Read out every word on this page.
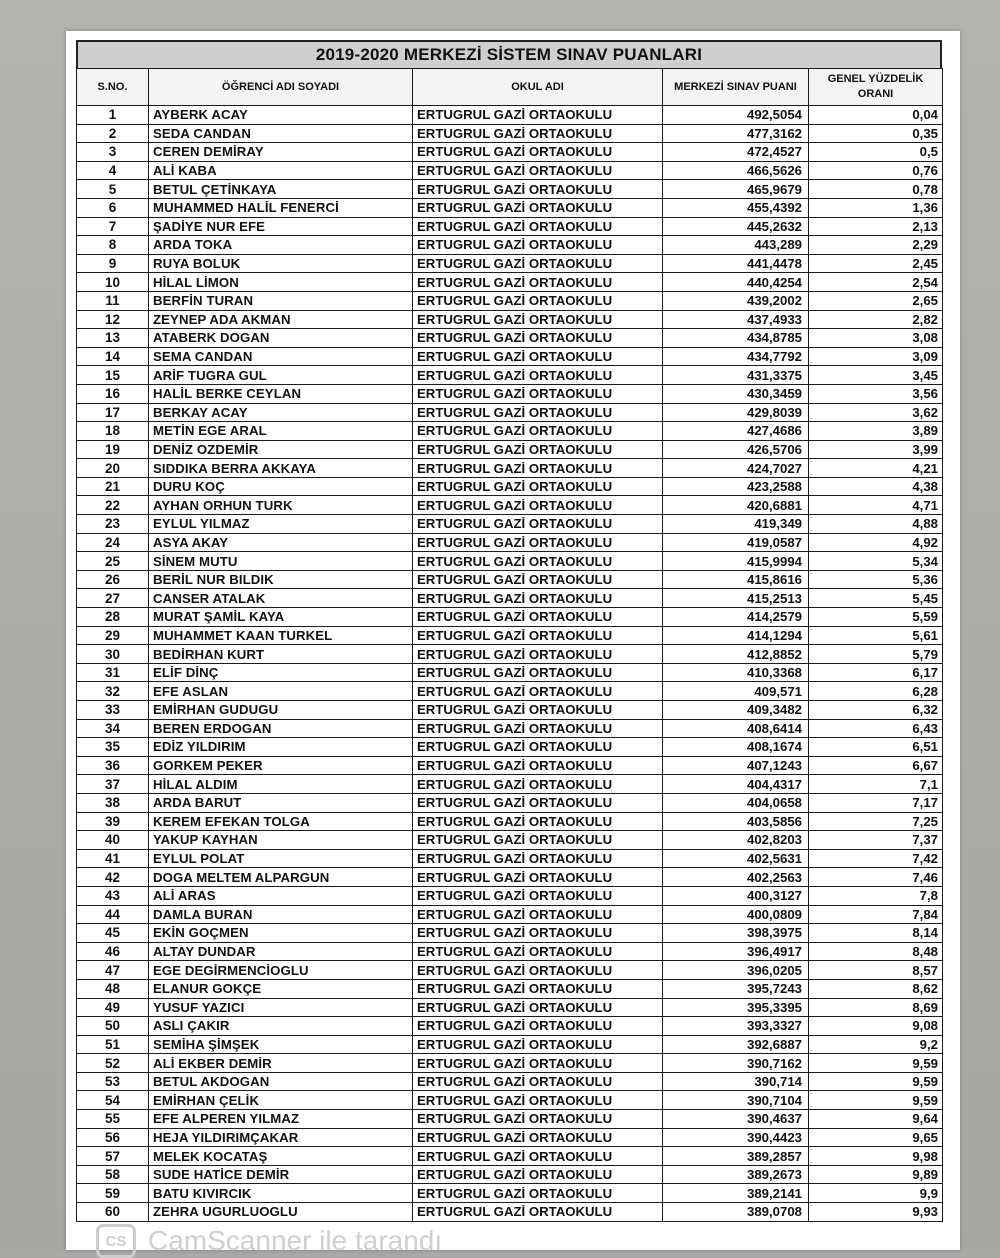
2019-2020 MERKEZİ SİSTEM SINAV PUANLARI
S.NO.	ÖĞRENCİ ADI SOYADI	OKUL ADI	MERKEZİ SINAV PUANI	GENEL YÜZDELİK ORANI
1	AYBERK ACAY	ERTUGRUL GAZİ ORTAOKULU	492,5054	0,04
2	SEDA CANDAN	ERTUGRUL GAZİ ORTAOKULU	477,3162	0,35
3	CEREN DEMİRAY	ERTUGRUL GAZİ ORTAOKULU	472,4527	0,5
4	ALİ KABA	ERTUGRUL GAZİ ORTAOKULU	466,5626	0,76
5	BETUL ÇETİNKAYA	ERTUGRUL GAZİ ORTAOKULU	465,9679	0,78
6	MUHAMMED HALİL FENERCİ	ERTUGRUL GAZİ ORTAOKULU	455,4392	1,36
7	ŞADİYE NUR EFE	ERTUGRUL GAZİ ORTAOKULU	445,2632	2,13
8	ARDA TOKA	ERTUGRUL GAZİ ORTAOKULU	443,289	2,29
9	RUYA BOLUK	ERTUGRUL GAZİ ORTAOKULU	441,4478	2,45
10	HİLAL LİMON	ERTUGRUL GAZİ ORTAOKULU	440,4254	2,54
11	BERFİN TURAN	ERTUGRUL GAZİ ORTAOKULU	439,2002	2,65
12	ZEYNEP ADA AKMAN	ERTUGRUL GAZİ ORTAOKULU	437,4933	2,82
13	ATABERK DOGAN	ERTUGRUL GAZİ ORTAOKULU	434,8785	3,08
14	SEMA CANDAN	ERTUGRUL GAZİ ORTAOKULU	434,7792	3,09
15	ARİF TUGRA GUL	ERTUGRUL GAZİ ORTAOKULU	431,3375	3,45
16	HALİL BERKE CEYLAN	ERTUGRUL GAZİ ORTAOKULU	430,3459	3,56
17	BERKAY ACAY	ERTUGRUL GAZİ ORTAOKULU	429,8039	3,62
18	METİN EGE ARAL	ERTUGRUL GAZİ ORTAOKULU	427,4686	3,89
19	DENİZ OZDEMİR	ERTUGRUL GAZİ ORTAOKULU	426,5706	3,99
20	SIDDIKA BERRA AKKAYA	ERTUGRUL GAZİ ORTAOKULU	424,7027	4,21
21	DURU KOÇ	ERTUGRUL GAZİ ORTAOKULU	423,2588	4,38
22	AYHAN ORHUN TURK	ERTUGRUL GAZİ ORTAOKULU	420,6881	4,71
23	EYLUL YILMAZ	ERTUGRUL GAZİ ORTAOKULU	419,349	4,88
24	ASYA AKAY	ERTUGRUL GAZİ ORTAOKULU	419,0587	4,92
25	SİNEM MUTU	ERTUGRUL GAZİ ORTAOKULU	415,9994	5,34
26	BERİL NUR BILDIK	ERTUGRUL GAZİ ORTAOKULU	415,8616	5,36
27	CANSER ATALAK	ERTUGRUL GAZİ ORTAOKULU	415,2513	5,45
28	MURAT ŞAMİL KAYA	ERTUGRUL GAZİ ORTAOKULU	414,2579	5,59
29	MUHAMMET KAAN TURKEL	ERTUGRUL GAZİ ORTAOKULU	414,1294	5,61
30	BEDİRHAN KURT	ERTUGRUL GAZİ ORTAOKULU	412,8852	5,79
31	ELİF DİNÇ	ERTUGRUL GAZİ ORTAOKULU	410,3368	6,17
32	EFE ASLAN	ERTUGRUL GAZİ ORTAOKULU	409,571	6,28
33	EMİRHAN GUDUGU	ERTUGRUL GAZİ ORTAOKULU	409,3482	6,32
34	BEREN ERDOGAN	ERTUGRUL GAZİ ORTAOKULU	408,6414	6,43
35	EDİZ YILDIRIM	ERTUGRUL GAZİ ORTAOKULU	408,1674	6,51
36	GORKEM PEKER	ERTUGRUL GAZİ ORTAOKULU	407,1243	6,67
37	HİLAL ALDIM	ERTUGRUL GAZİ ORTAOKULU	404,4317	7,1
38	ARDA BARUT	ERTUGRUL GAZİ ORTAOKULU	404,0658	7,17
39	KEREM EFEKAN TOLGA	ERTUGRUL GAZİ ORTAOKULU	403,5856	7,25
40	YAKUP KAYHAN	ERTUGRUL GAZİ ORTAOKULU	402,8203	7,37
41	EYLUL POLAT	ERTUGRUL GAZİ ORTAOKULU	402,5631	7,42
42	DOGA MELTEM ALPARGUN	ERTUGRUL GAZİ ORTAOKULU	402,2563	7,46
43	ALİ ARAS	ERTUGRUL GAZİ ORTAOKULU	400,3127	7,8
44	DAMLA BURAN	ERTUGRUL GAZİ ORTAOKULU	400,0809	7,84
45	EKİN GOÇMEN	ERTUGRUL GAZİ ORTAOKULU	398,3975	8,14
46	ALTAY DUNDAR	ERTUGRUL GAZİ ORTAOKULU	396,4917	8,48
47	EGE DEGİRMENCİOGLU	ERTUGRUL GAZİ ORTAOKULU	396,0205	8,57
48	ELANUR GOKÇE	ERTUGRUL GAZİ ORTAOKULU	395,7243	8,62
49	YUSUF YAZICI	ERTUGRUL GAZİ ORTAOKULU	395,3395	8,69
50	ASLI ÇAKIR	ERTUGRUL GAZİ ORTAOKULU	393,3327	9,08
51	SEMİHA ŞİMŞEK	ERTUGRUL GAZİ ORTAOKULU	392,6887	9,2
52	ALİ EKBER DEMİR	ERTUGRUL GAZİ ORTAOKULU	390,7162	9,59
53	BETUL AKDOGAN	ERTUGRUL GAZİ ORTAOKULU	390,714	9,59
54	EMİRHAN ÇELİK	ERTUGRUL GAZİ ORTAOKULU	390,7104	9,59
55	EFE ALPEREN YILMAZ	ERTUGRUL GAZİ ORTAOKULU	390,4637	9,64
56	HEJA YILDIRIMÇAKAR	ERTUGRUL GAZİ ORTAOKULU	390,4423	9,65
57	MELEK KOCATAŞ	ERTUGRUL GAZİ ORTAOKULU	389,2857	9,98
58	SUDE HATİCE DEMİR	ERTUGRUL GAZİ ORTAOKULU	389,2673	9,89
59	BATU KIVIRCIK	ERTUGRUL GAZİ ORTAOKULU	389,2141	9,9
60	ZEHRA UGURLUOGLU	ERTUGRUL GAZİ ORTAOKULU	389,0708	9,93
CS CamScanner ile tarandı
